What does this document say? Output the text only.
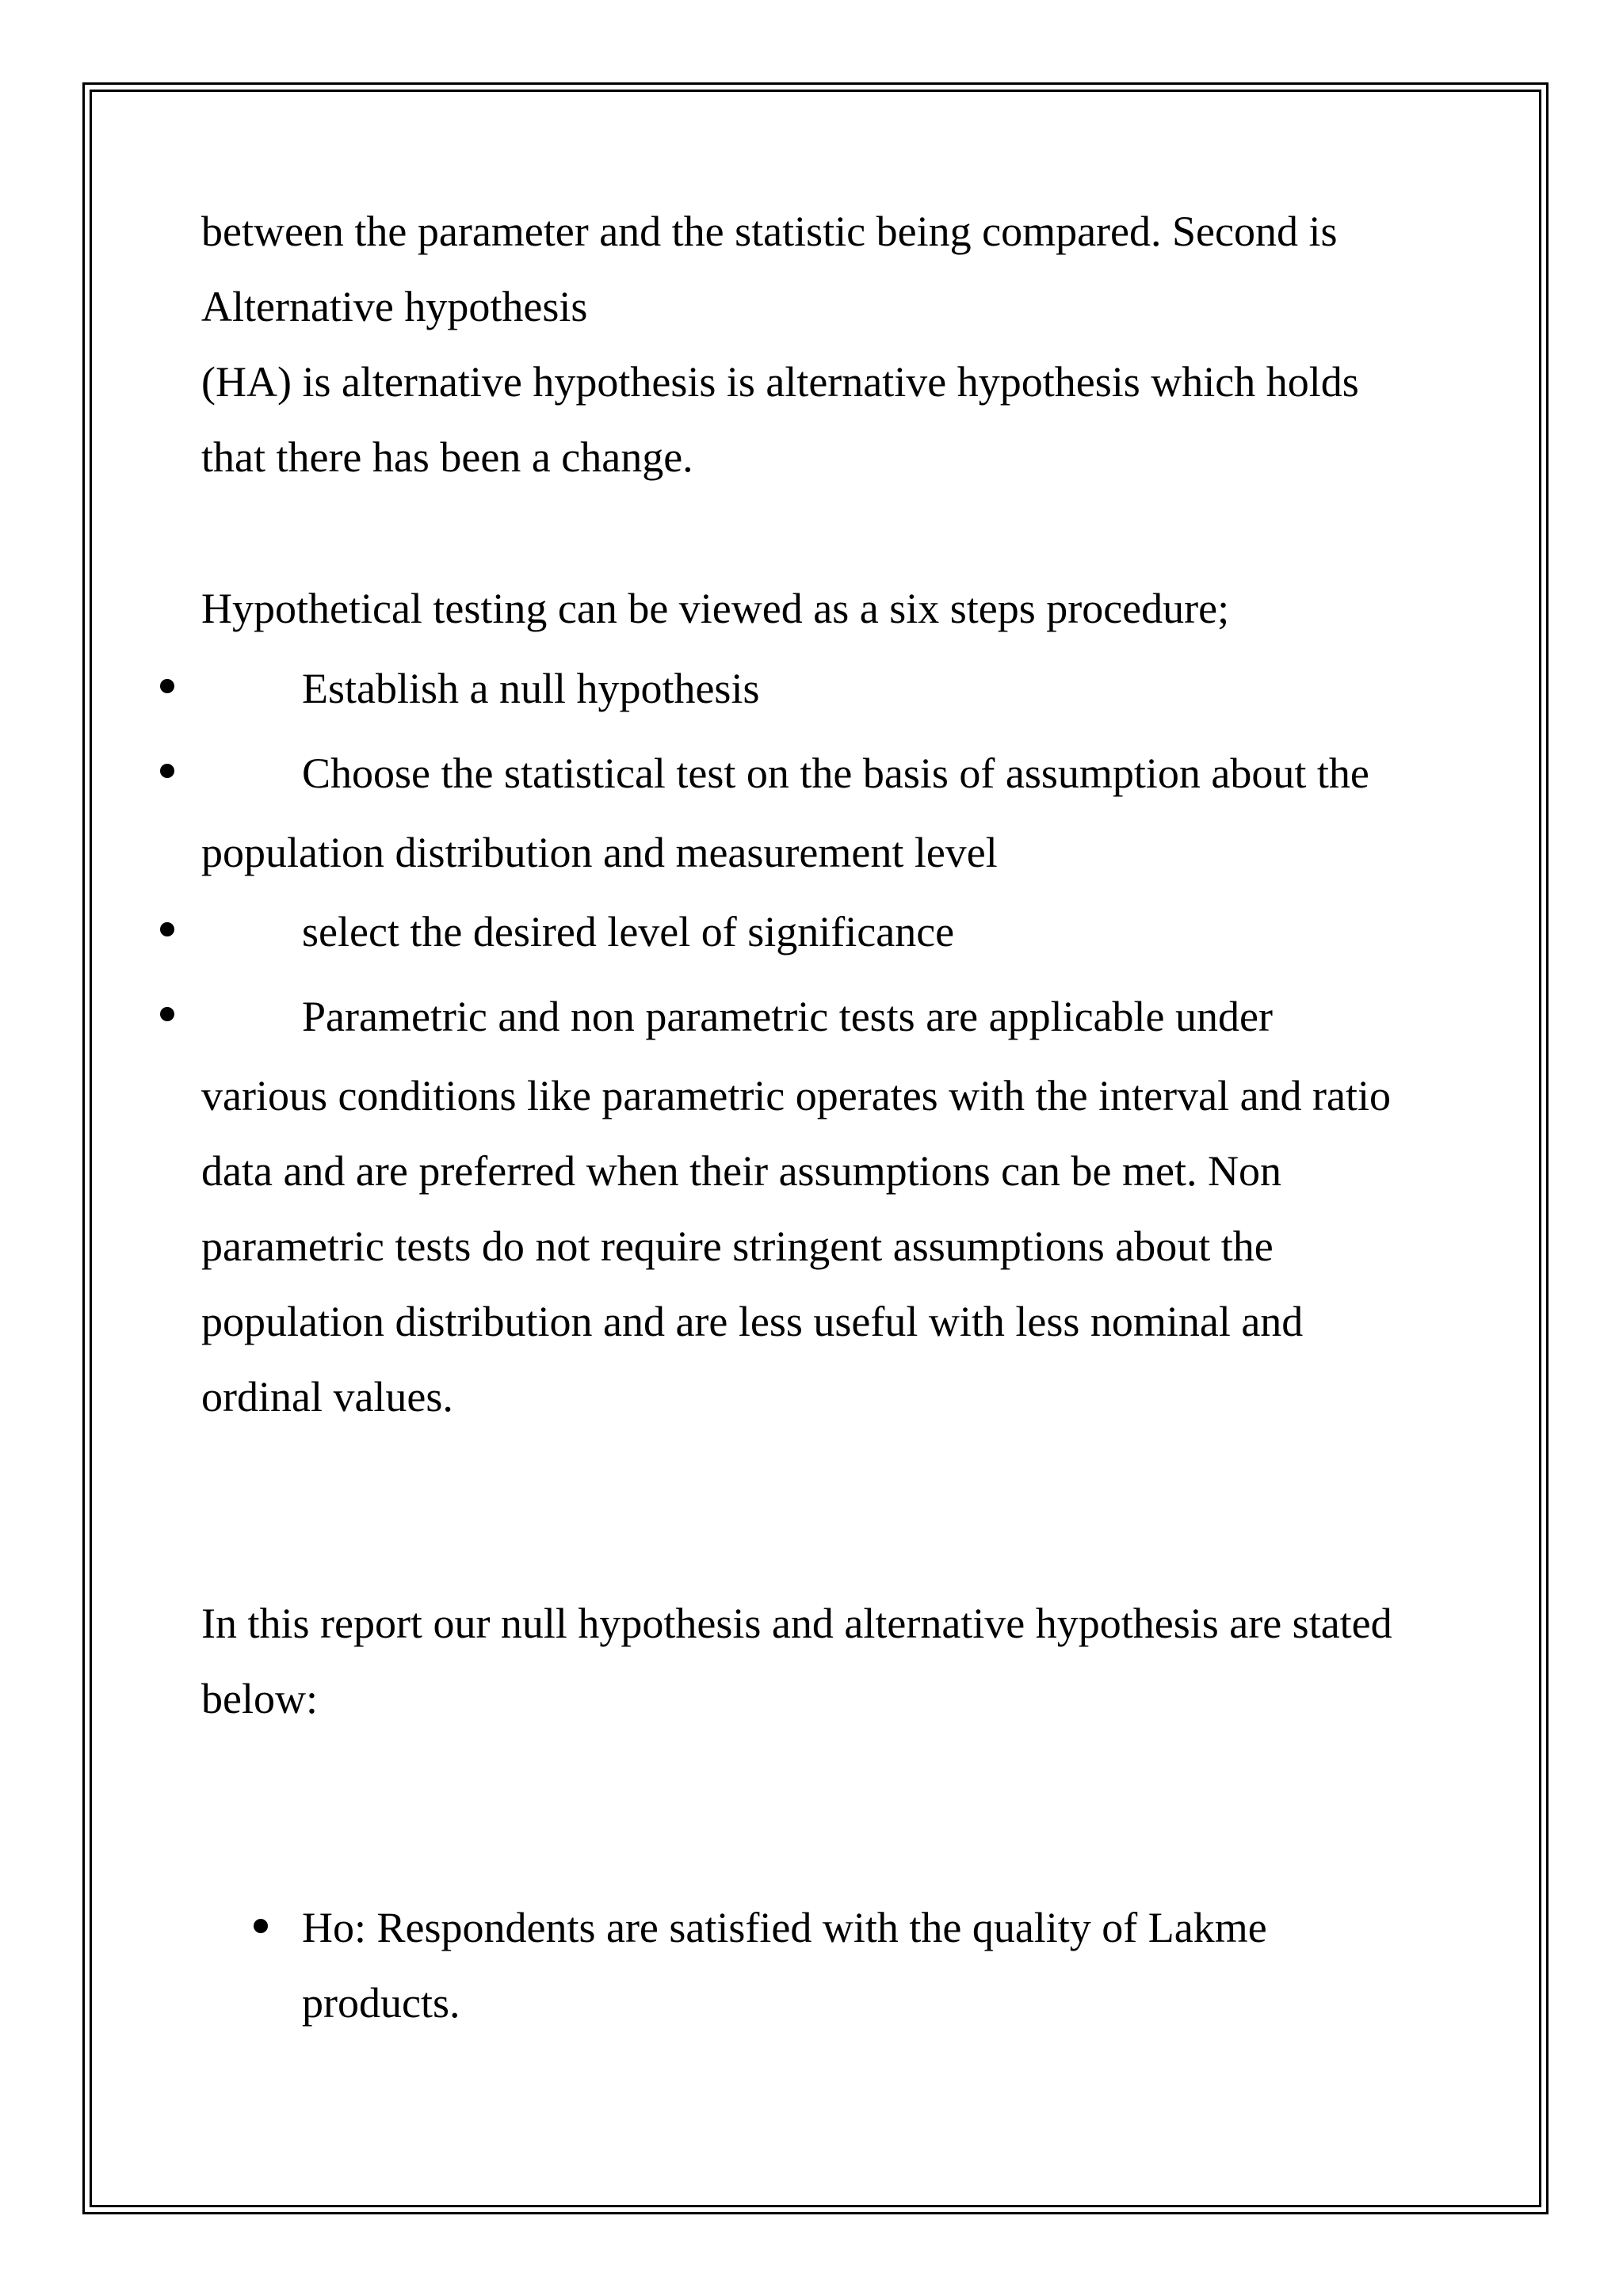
between the parameter and the statistic being compared. Second is
Alternative hypothesis
(HA) is alternative hypothesis is alternative hypothesis which holds
that there has been a change.
Hypothetical testing can be viewed as a six steps procedure;
Establish a null hypothesis
Choose the statistical test on the basis of assumption about the
population distribution and measurement level
select the desired level of significance
Parametric and non parametric tests are applicable under
various conditions like parametric operates with the interval and ratio
data and are preferred when their assumptions can be met. Non
parametric tests do not require stringent assumptions about the
population distribution and are less useful with less nominal and
ordinal values.
In this report our null hypothesis and alternative hypothesis are stated
below:
Ho: Respondents are satisfied with the quality of Lakme
products.
